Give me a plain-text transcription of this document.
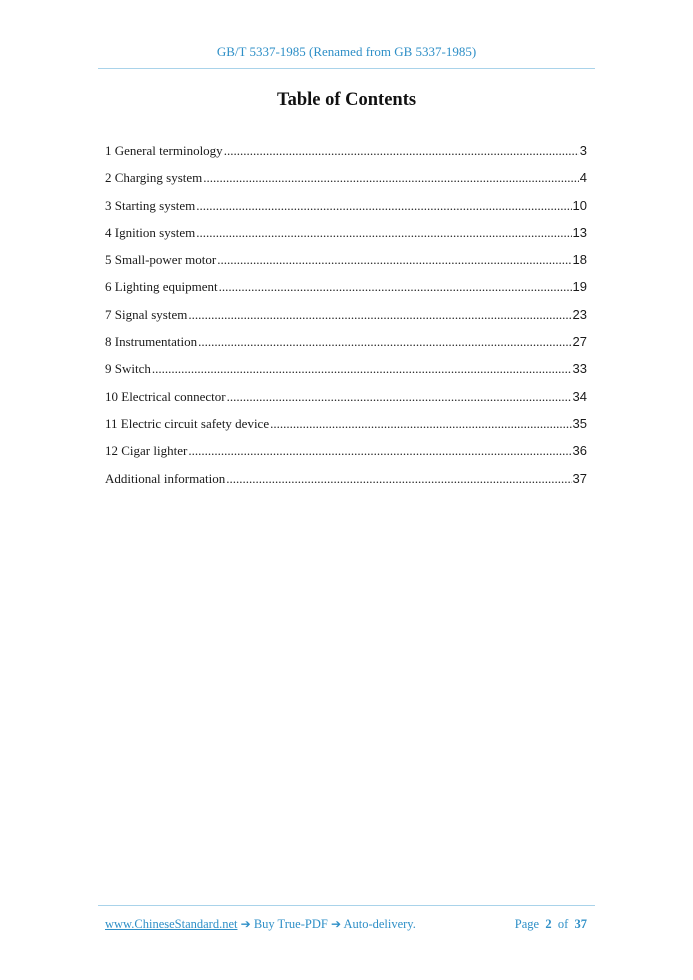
GB/T 5337-1985 (Renamed from GB 5337-1985)
Table of Contents
1 General terminology .....	3
2 Charging system .....	4
3 Starting system .....	10
4 Ignition system .....	13
5 Small-power motor .....	18
6 Lighting equipment .....	19
7 Signal system .....	23
8 Instrumentation .....	27
9 Switch .....	33
10 Electrical connector .....	34
11 Electric circuit safety device .....	35
12 Cigar lighter .....	36
Additional information .....	37
www.ChineseStandard.net ➔ Buy True-PDF ➔ Auto-delivery.	Page 2 of 37
